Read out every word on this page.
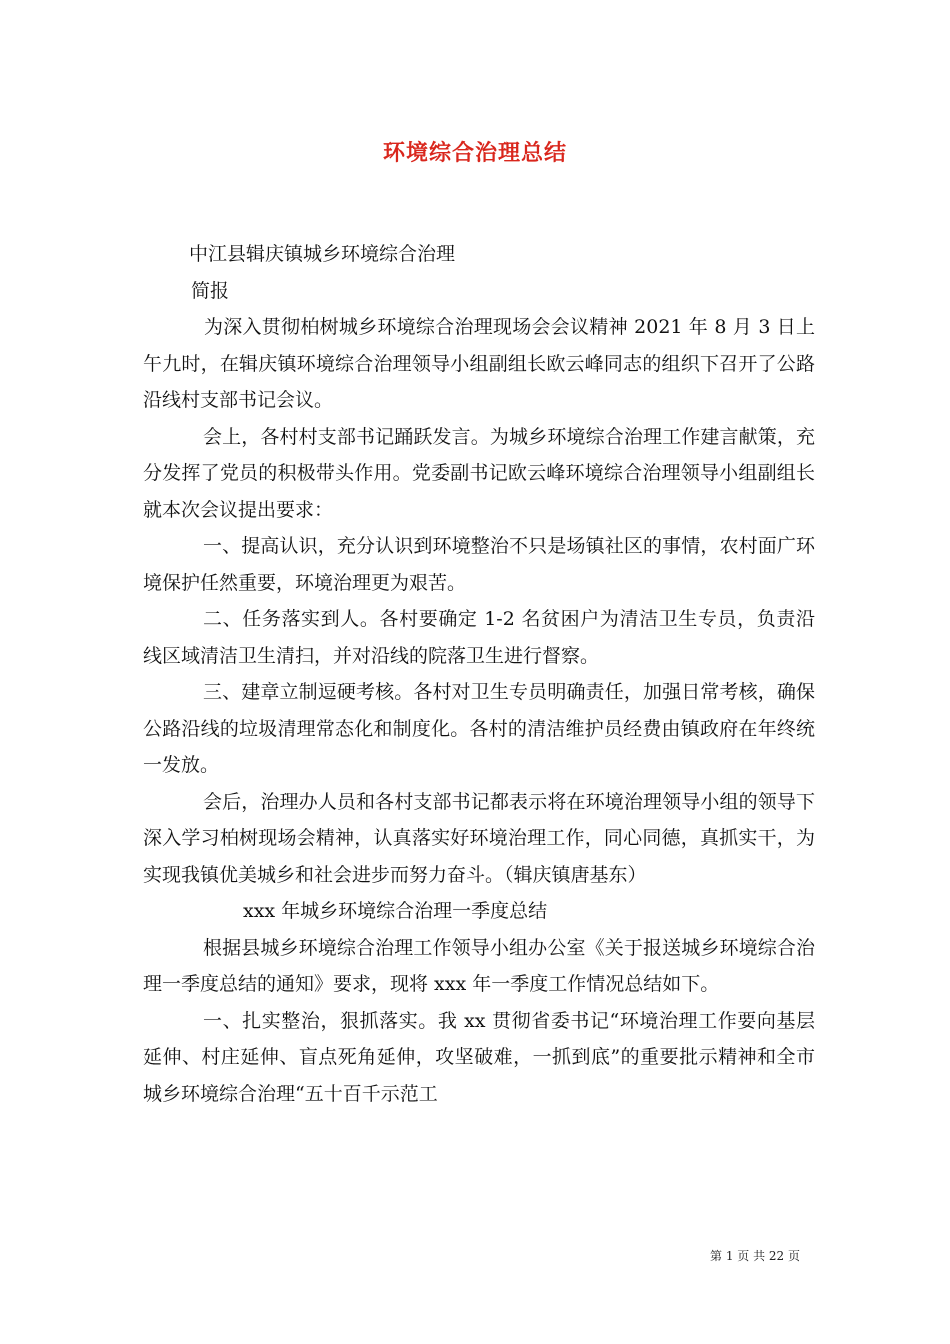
环境综合治理总结

中江县辑庆镇城乡环境综合治理

简报

为深入贯彻柏树城乡环境综合治理现场会会议精神 2021 年 8 月 3 日上午九时，在辑庆镇环境综合治理领导小组副组长欧云峰同志的组织下召开了公路沿线村支部书记会议。

会上，各村村支部书记踊跃发言。为城乡环境综合治理工作建言献策，充分发挥了党员的积极带头作用。党委副书记欧云峰环境综合治理领导小组副组长就本次会议提出要求：

一、提高认识，充分认识到环境整治不只是场镇社区的事情，农村面广环境保护任然重要，环境治理更为艰苦。

二、任务落实到人。各村要确定 1-2 名贫困户为清洁卫生专员，负责沿线区域清洁卫生清扫，并对沿线的院落卫生进行督察。

三、建章立制逗硬考核。各村对卫生专员明确责任，加强日常考核，确保公路沿线的垃圾清理常态化和制度化。各村的清洁维护员经费由镇政府在年终统一发放。

会后，治理办人员和各村支部书记都表示将在环境治理领导小组的领导下深入学习柏树现场会精神，认真落实好环境治理工作，同心同德，真抓实干，为实现我镇优美城乡和社会进步而努力奋斗。（辑庆镇唐基东）

xxx 年城乡环境综合治理一季度总结

根据县城乡环境综合治理工作领导小组办公室《关于报送城乡环境综合治理一季度总结的通知》要求，现将 xxx 年一季度工作情况总结如下。

一、扎实整治，狠抓落实。我 xx 贯彻省委书记“环境治理工作要向基层延伸、村庄延伸、盲点死角延伸，攻坚破难，一抓到底”的重要批示精神和全市城乡环境综合治理“五十百千示范工

第 1 页 共 22 页
